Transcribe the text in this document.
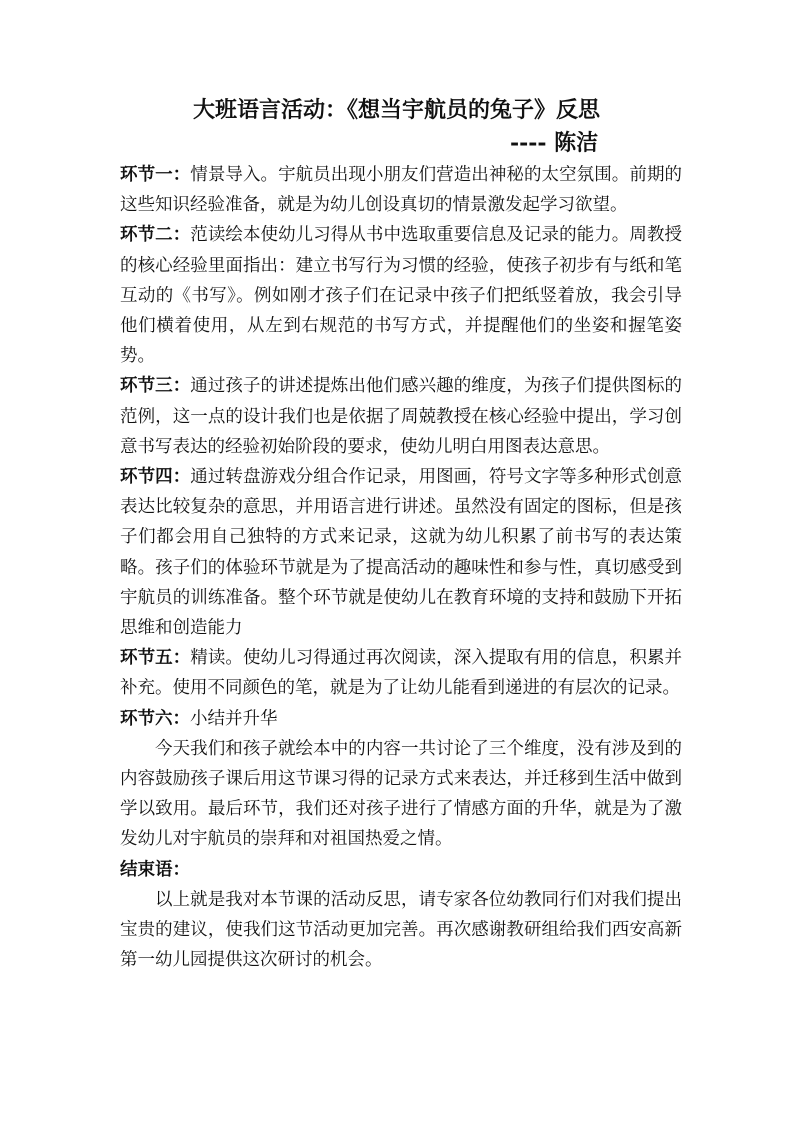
大班语言活动：《想当宇航员的兔子》反思
---- 陈洁

环节一：情景导入。宇航员出现小朋友们营造出神秘的太空氛围。前期的这些知识经验准备，就是为幼儿创设真切的情景激发起学习欲望。

环节二：范读绘本使幼儿习得从书中选取重要信息及记录的能力。周教授的核心经验里面指出：建立书写行为习惯的经验，使孩子初步有与纸和笔互动的《书写》。例如刚才孩子们在记录中孩子们把纸竖着放，我会引导他们横着使用，从左到右规范的书写方式，并提醒他们的坐姿和握笔姿势。

环节三：通过孩子的讲述提炼出他们感兴趣的维度，为孩子们提供图标的范例，这一点的设计我们也是依据了周兢教授在核心经验中提出，学习创意书写表达的经验初始阶段的要求，使幼儿明白用图表达意思。

环节四：通过转盘游戏分组合作记录，用图画，符号文字等多种形式创意表达比较复杂的意思，并用语言进行讲述。虽然没有固定的图标，但是孩子们都会用自己独特的方式来记录，这就为幼儿积累了前书写的表达策略。孩子们的体验环节就是为了提高活动的趣味性和参与性，真切感受到宇航员的训练准备。整个环节就是使幼儿在教育环境的支持和鼓励下开拓思维和创造能力

环节五：精读。使幼儿习得通过再次阅读，深入提取有用的信息，积累并补充。使用不同颜色的笔，就是为了让幼儿能看到递进的有层次的记录。

环节六：小结并升华

今天我们和孩子就绘本中的内容一共讨论了三个维度，没有涉及到的内容鼓励孩子课后用这节课习得的记录方式来表达，并迁移到生活中做到学以致用。最后环节，我们还对孩子进行了情感方面的升华，就是为了激发幼儿对宇航员的崇拜和对祖国热爱之情。

结束语：

以上就是我对本节课的活动反思，请专家各位幼教同行们对我们提出宝贵的建议，使我们这节活动更加完善。再次感谢教研组给我们西安高新第一幼儿园提供这次研讨的机会。
